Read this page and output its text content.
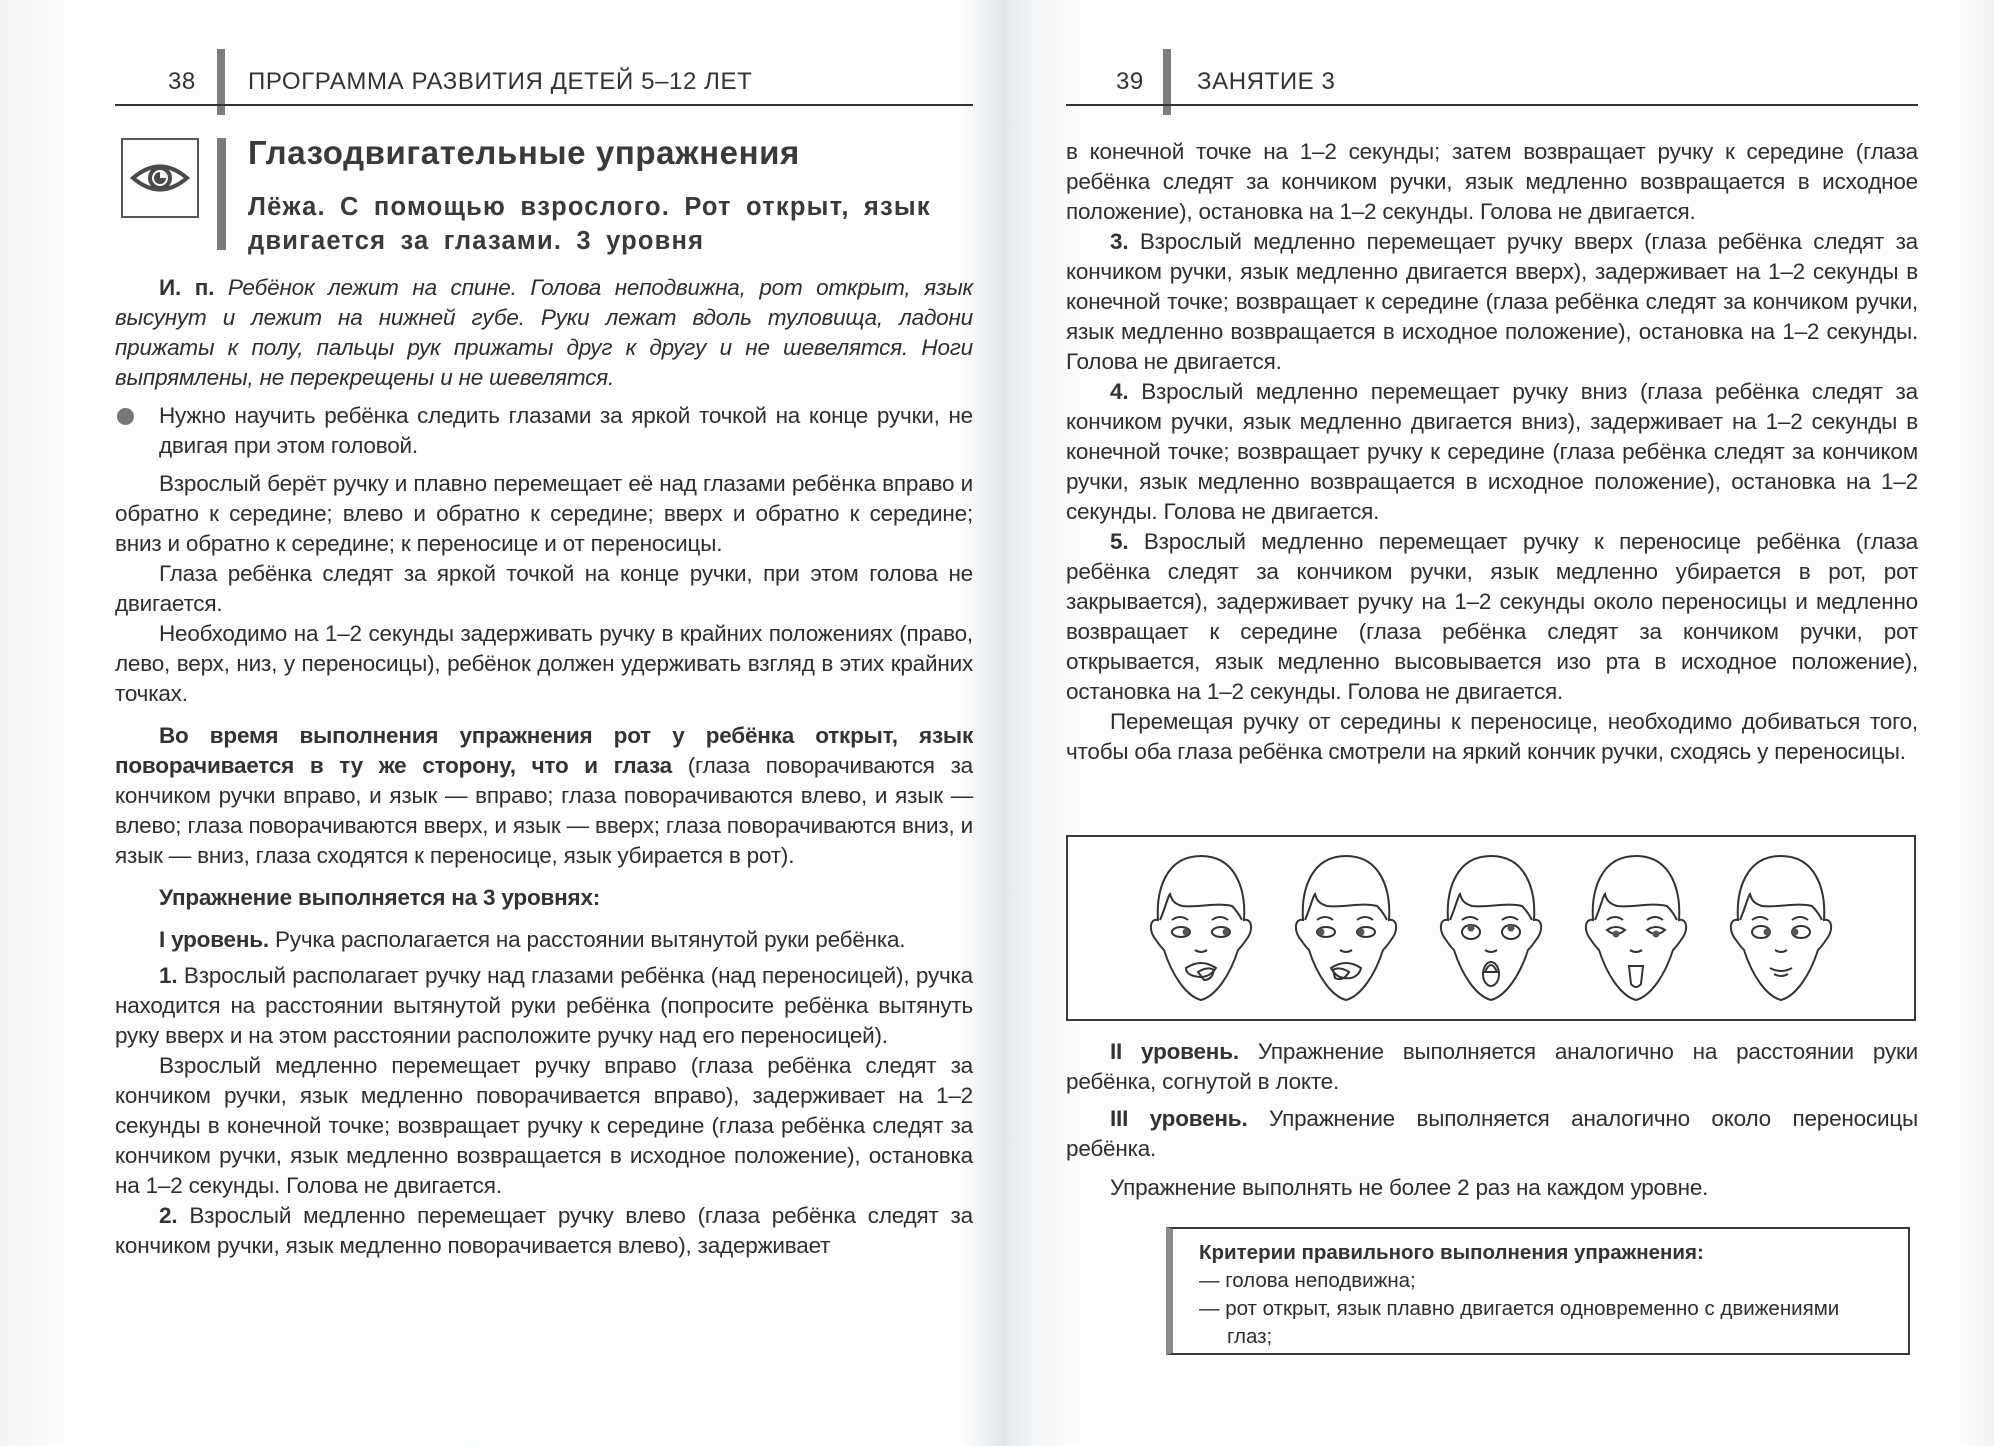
38 ПРОГРАММА РАЗВИТИЯ ДЕТЕЙ 5–12 ЛЕТ
Глазодвигательные упражнения
Лёжа. С помощью взрослого. Рот открыт, язык двигается за глазами. 3 уровня

И. п. Ребёнок лежит на спине. Голова неподвижна, рот открыт, язык высунут и лежит на нижней губе. Руки лежат вдоль туловища, ладони прижаты к полу, пальцы рук прижаты друг к другу и не шевелятся. Ноги выпрямлены, не перекрещены и не шевелятся.

Нужно научить ребёнка следить глазами за яркой точкой на конце ручки, не двигая при этом головой.

Взрослый берёт ручку и плавно перемещает её над глазами ребёнка вправо и обратно к середине; влево и обратно к середине; вверх и обратно к середине; вниз и обратно к середине; к переносице и от переносицы.

Глаза ребёнка следят за яркой точкой на конце ручки, при этом голова не двигается.

Необходимо на 1–2 секунды задерживать ручку в крайних положениях (право, лево, верх, низ, у переносицы), ребёнок должен удерживать взгляд в этих крайних точках.

Во время выполнения упражнения рот у ребёнка открыт, язык поворачивается в ту же сторону, что и глаза (глаза поворачиваются за кончиком ручки вправо, и язык — вправо; глаза поворачиваются влево, и язык — влево; глаза поворачиваются вверх, и язык — вверх; глаза поворачиваются вниз, и язык — вниз, глаза сходятся к переносице, язык убирается в рот).

Упражнение выполняется на 3 уровнях:

I уровень. Ручка располагается на расстоянии вытянутой руки ребёнка.

1. Взрослый располагает ручку над глазами ребёнка (над переносицей), ручка находится на расстоянии вытянутой руки ребёнка (попросите ребёнка вытянуть руку вверх и на этом расстоянии расположите ручку над его переносицей).

Взрослый медленно перемещает ручку вправо (глаза ребёнка следят за кончиком ручки, язык медленно поворачивается вправо), задерживает на 1–2 секунды в конечной точке; возвращает ручку к середине (глаза ребёнка следят за кончиком ручки, язык медленно возвращается в исходное положение), остановка на 1–2 секунды. Голова не двигается.

2. Взрослый медленно перемещает ручку влево (глаза ребёнка следят за кончиком ручки, язык медленно поворачивается влево), задерживает

39 ЗАНЯТИЕ 3

в конечной точке на 1–2 секунды; затем возвращает ручку к середине (глаза ребёнка следят за кончиком ручки, язык медленно возвращается в исходное положение), остановка на 1–2 секунды. Голова не двигается.

3. Взрослый медленно перемещает ручку вверх (глаза ребёнка следят за кончиком ручки, язык медленно двигается вверх), задерживает на 1–2 секунды в конечной точке; возвращает к середине (глаза ребёнка следят за кончиком ручки, язык медленно возвращается в исходное положение), остановка на 1–2 секунды. Голова не двигается.

4. Взрослый медленно перемещает ручку вниз (глаза ребёнка следят за кончиком ручки, язык медленно двигается вниз), задерживает на 1–2 секунды в конечной точке; возвращает ручку к середине (глаза ребёнка следят за кончиком ручки, язык медленно возвращается в исходное положение), остановка на 1–2 секунды. Голова не двигается.

5. Взрослый медленно перемещает ручку к переносице ребёнка (глаза ребёнка следят за кончиком ручки, язык медленно убирается в рот, рот закрывается), задерживает ручку на 1–2 секунды около переносицы и медленно возвращает к середине (глаза ребёнка следят за кончиком ручки, рот открывается, язык медленно высовывается изо рта в исходное положение), остановка на 1–2 секунды. Голова не двигается.

Перемещая ручку от середины к переносице, необходимо добиваться того, чтобы оба глаза ребёнка смотрели на яркий кончик ручки, сходясь у переносицы.

II уровень. Упражнение выполняется аналогично на расстоянии руки ребёнка, согнутой в локте.

III уровень. Упражнение выполняется аналогично около переносицы ребёнка.

Упражнение выполнять не более 2 раз на каждом уровне.

Критерии правильного выполнения упражнения:
— голова неподвижна;
— рот открыт, язык плавно двигается одновременно с движениями глаз;
